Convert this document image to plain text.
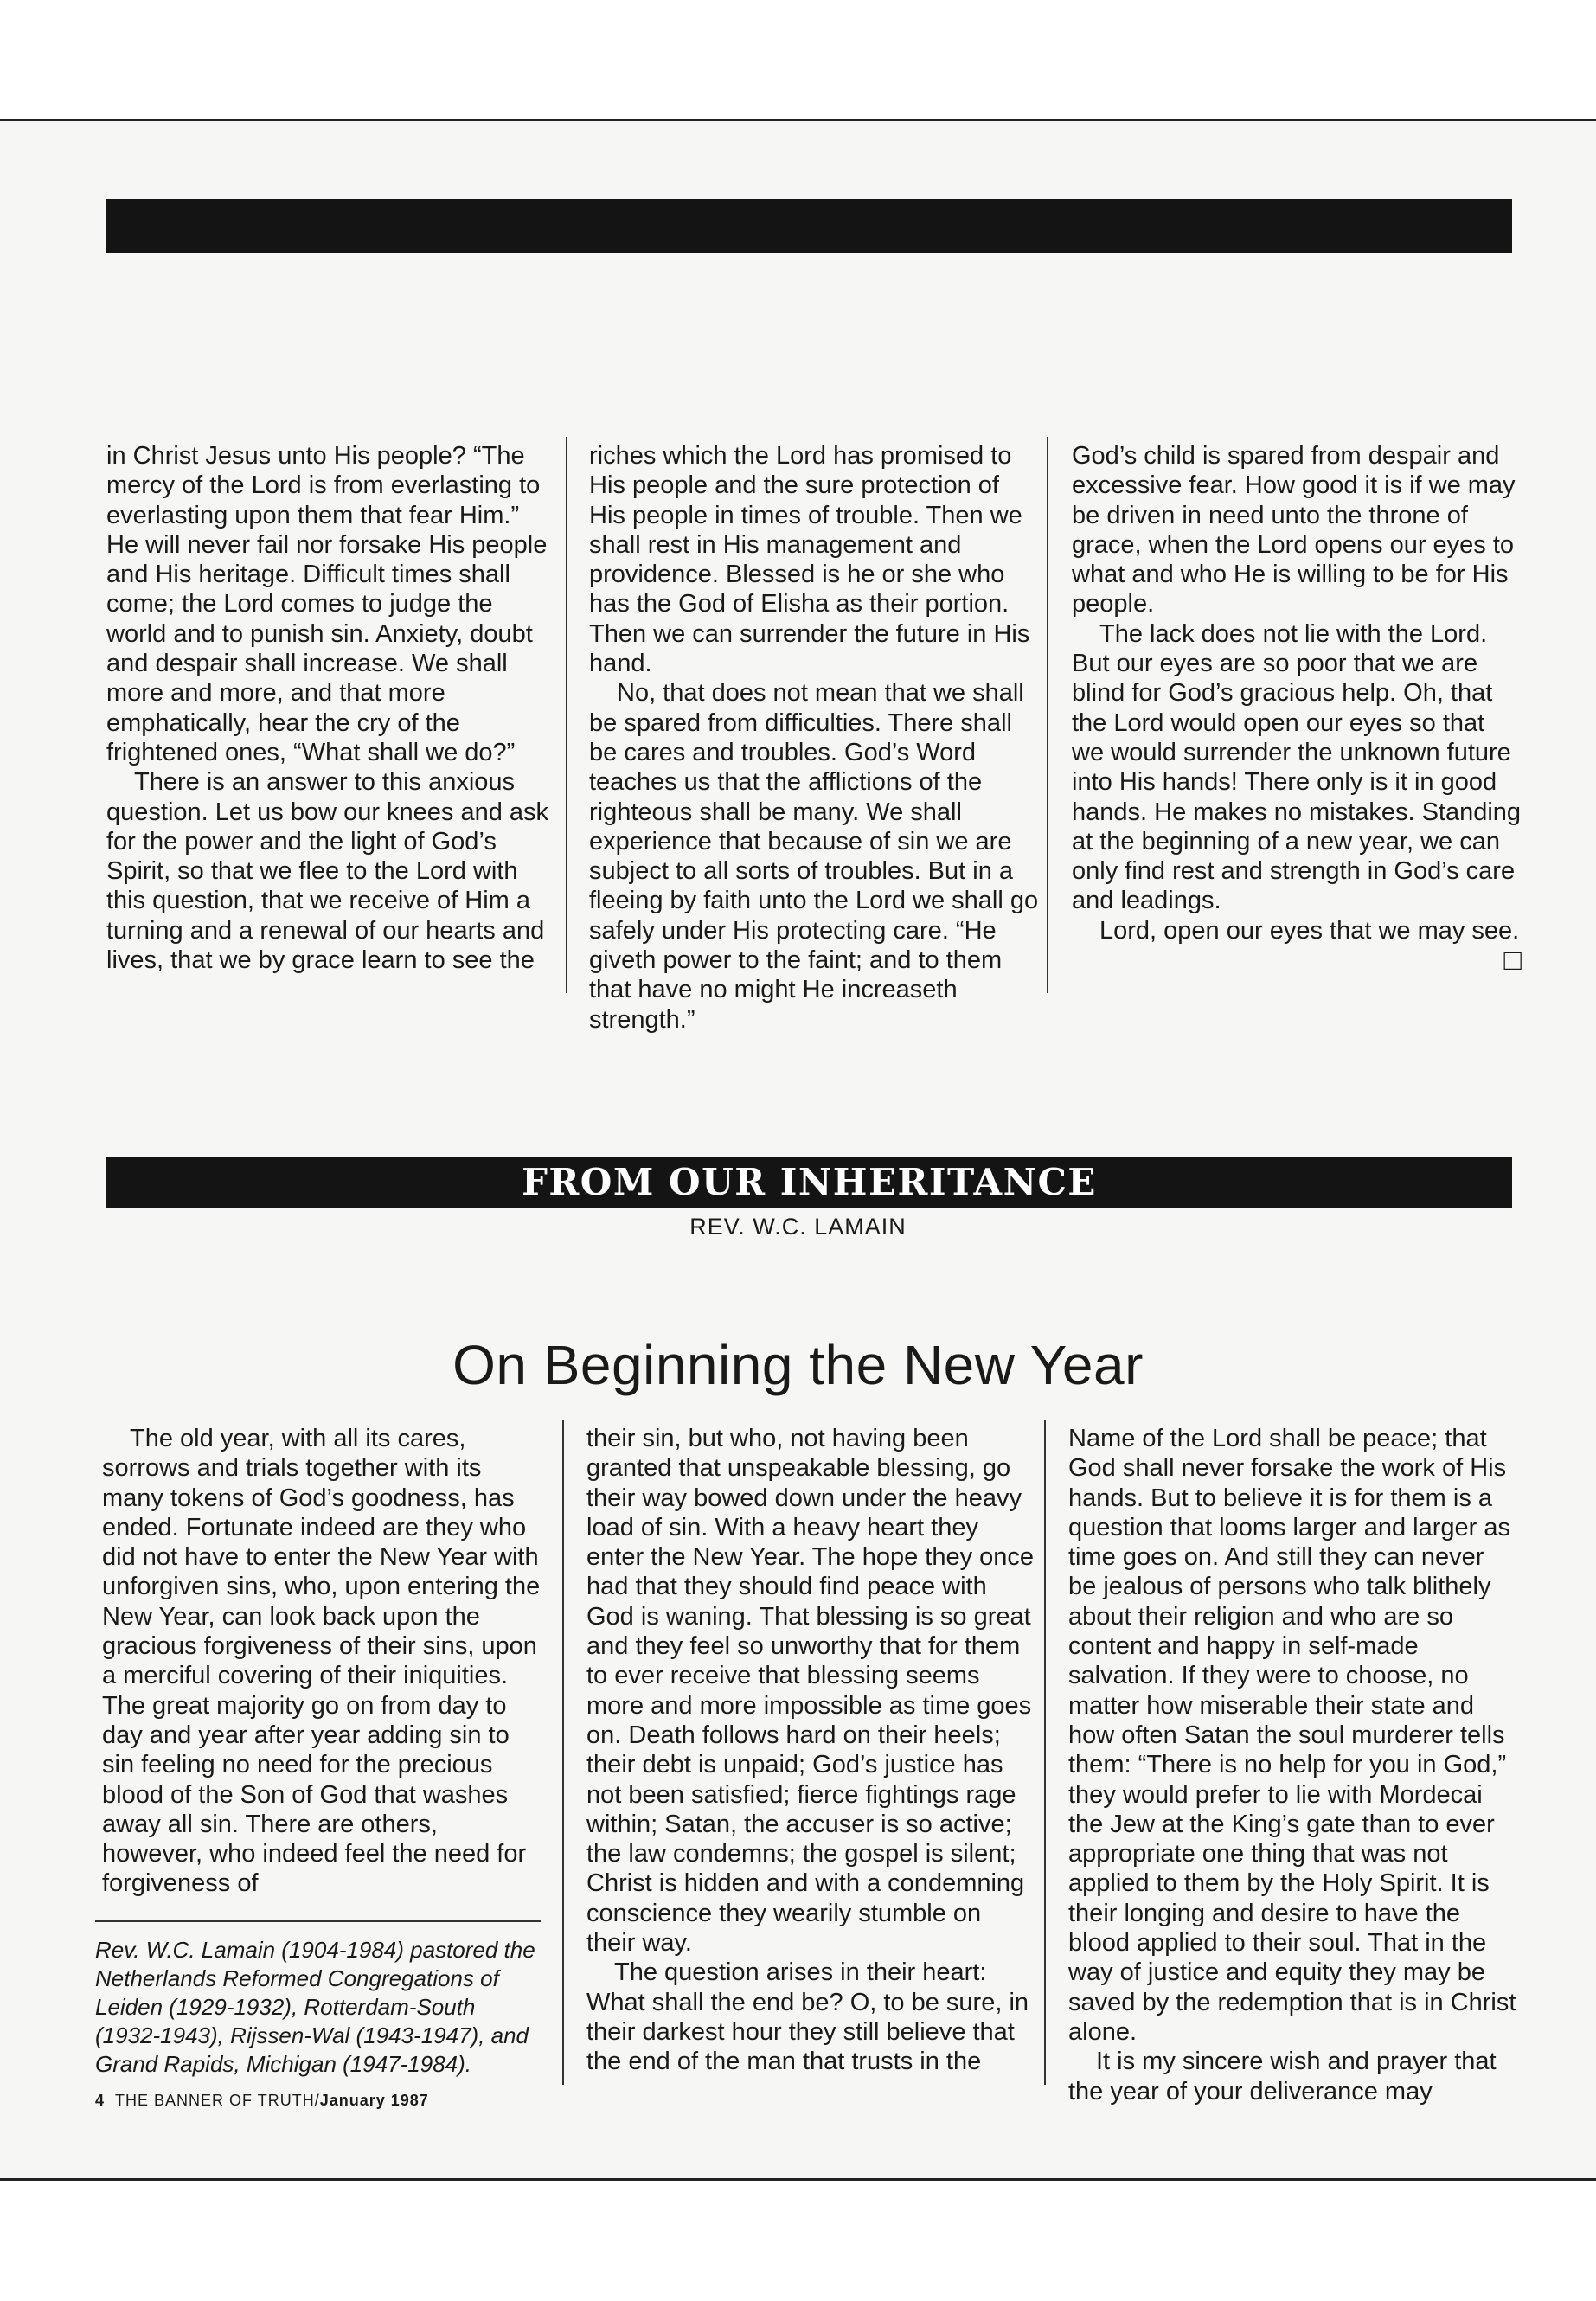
in Christ Jesus unto His people? “The mercy of the Lord is from everlasting to everlasting upon them that fear Him.” He will never fail nor forsake His people and His heritage. Difficult times shall come; the Lord comes to judge the world and to punish sin. Anxiety, doubt and despair shall increase. We shall more and more, and that more emphatically, hear the cry of the frightened ones, “What shall we do?”

There is an answer to this anxious question. Let us bow our knees and ask for the power and the light of God’s Spirit, so that we flee to the Lord with this question, that we receive of Him a turning and a renewal of our hearts and lives, that we by grace learn to see the

riches which the Lord has promised to His people and the sure protection of His people in times of trouble. Then we shall rest in His management and providence. Blessed is he or she who has the God of Elisha as their portion. Then we can surrender the future in His hand.

No, that does not mean that we shall be spared from difficulties. There shall be cares and troubles. God’s Word teaches us that the afflictions of the righteous shall be many. We shall experience that because of sin we are subject to all sorts of troubles. But in a fleeing by faith unto the Lord we shall go safely under His protecting care. “He giveth power to the faint; and to them that have no might He increaseth strength.”

God’s child is spared from despair and excessive fear. How good it is if we may be driven in need unto the throne of grace, when the Lord opens our eyes to what and who He is willing to be for His people.

The lack does not lie with the Lord. But our eyes are so poor that we are blind for God’s gracious help. Oh, that the Lord would open our eyes so that we would surrender the unknown future into His hands! There only is it in good hands. He makes no mistakes. Standing at the beginning of a new year, we can only find rest and strength in God’s care and leadings.

Lord, open our eyes that we may see.

□
FROM OUR INHERITANCE
REV. W.C. LAMAIN
On Beginning the New Year

The old year, with all its cares, sorrows and trials together with its many tokens of God’s goodness, has ended. Fortunate indeed are they who did not have to enter the New Year with unforgiven sins, who, upon entering the New Year, can look back upon the gracious forgiveness of their sins, upon a merciful covering of their iniquities. The great majority go on from day to day and year after year adding sin to sin feeling no need for the precious blood of the Son of God that washes away all sin. There are others, however, who indeed feel the need for forgiveness of

their sin, but who, not having been granted that unspeakable blessing, go their way bowed down under the heavy load of sin. With a heavy heart they enter the New Year. The hope they once had that they should find peace with God is waning. That blessing is so great and they feel so unworthy that for them to ever receive that blessing seems more and more impossible as time goes on. Death follows hard on their heels; their debt is unpaid; God’s justice has not been satisfied; fierce fightings rage within; Satan, the accuser is so active; the law condemns; the gospel is silent; Christ is hidden and with a condemning conscience they wearily stumble on their way.

The question arises in their heart: What shall the end be? O, to be sure, in their darkest hour they still believe that the end of the man that trusts in the

Name of the Lord shall be peace; that God shall never forsake the work of His hands. But to believe it is for them is a question that looms larger and larger as time goes on. And still they can never be jealous of persons who talk blithely about their religion and who are so content and happy in self-made salvation. If they were to choose, no matter how miserable their state and how often Satan the soul murderer tells them: “There is no help for you in God,” they would prefer to lie with Mordecai the Jew at the King’s gate than to ever appropriate one thing that was not applied to them by the Holy Spirit. It is their longing and desire to have the blood applied to their soul. That in the way of justice and equity they may be saved by the redemption that is in Christ alone.

It is my sincere wish and prayer that the year of your deliverance may

Rev. W.C. Lamain (1904-1984) pastored the Netherlands Reformed Congregations of Leiden (1929-1932), Rotterdam-South (1932-1943), Rijssen-Wal (1943-1947), and Grand Rapids, Michigan (1947-1984).
4 THE BANNER OF TRUTH/January 1987
